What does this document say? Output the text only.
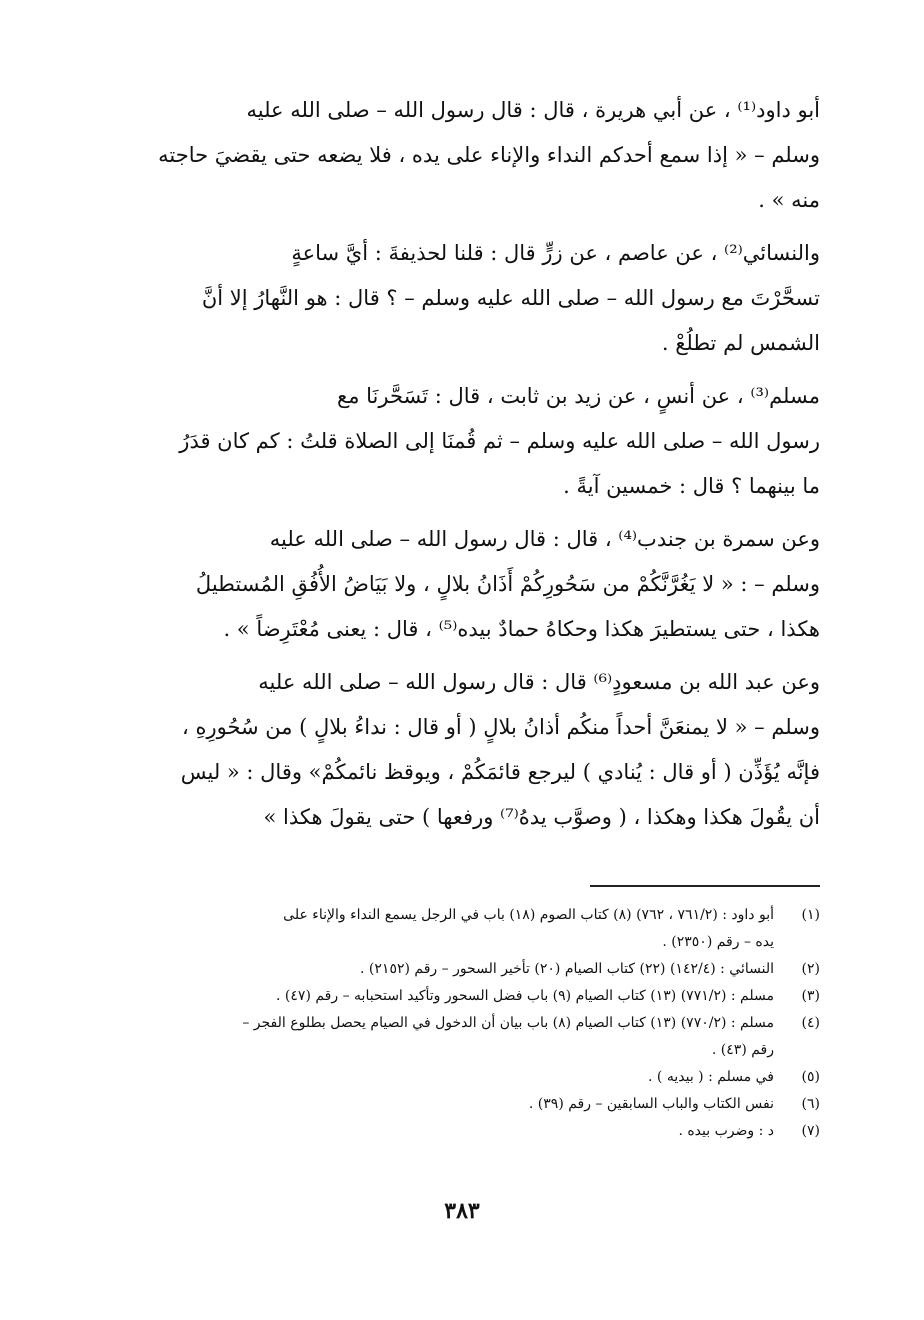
أبو داود⁽¹⁾ ، عن أبي هريرة ، قال : قال رسول الله – صلى الله عليه

وسلم – « إذا سمع أحدكم النداء والإناء على يده ، فلا يضعه حتى يقضيَ حاجته

منه » .

والنسائي⁽²⁾ ، عن عاصم ، عن زرٍّ قال : قلنا لحذيفةَ : أيَّ ساعةٍ

تسحَّرْتَ مع رسول الله – صلى الله عليه وسلم – ؟ قال : هو النَّهارُ إلا أنَّ

الشمس لم تطلُعْ .

مسلم⁽³⁾ ، عن أنسٍ ، عن زيد بن ثابت ، قال : تَسَحَّرنَا مع

رسول الله – صلى الله عليه وسلم – ثم قُمنَا إلى الصلاة قلتُ : كم كان قدَرُ

ما بينهما ؟ قال : خمسين آيةً .

وعن سمرة بن جندب⁽⁴⁾ ، قال : قال رسول الله – صلى الله عليه

وسلم – : « لا يَغُرَّنَّكُمْ من سَحُورِكُمْ أَذَانُ بلالٍ ، ولا بَيَاضُ الأُفُقِ المُستطيلُ

هكذا ، حتى يستطيرَ هكذا وحكاهُ حمادٌ بيده⁽⁵⁾ ، قال : يعنى مُعْتَرِضاً » .

وعن عبد الله بن مسعودٍ⁽⁶⁾ قال : قال رسول الله – صلى الله عليه

وسلم – « لا يمنعَنَّ أحداً منكُم أذانُ بلالٍ ( أو قال : نداءُ بلالٍ ) من سُحُورِهِ ،

فإنَّه يُؤَذِّن ( أو قال : يُنادي ) ليرجع قائمَكُمْ ، ويوقظ نائمكُمْ» وقال : « ليس

أن يقُولَ هكذا وهكذا ، ( وصوَّب يدهُ⁽⁷⁾ ورفعها ) حتى يقولَ هكذا »

(١)
أبو داود : (٧٦١/٢ ، ٧٦٢) (٨) كتاب الصوم (١٨) باب في الرجل يسمع النداء والإناء على
يده – رقم (٢٣٥٠) .
(٢)
النسائي : (١٤٢/٤) (٢٢) كتاب الصيام (٢٠) تأخير السحور – رقم (٢١٥٢) .
(٣)
مسلم : (٧٧١/٢) (١٣) كتاب الصيام (٩) باب فضل السحور وتأكيد استحبابه – رقم (٤٧) .
(٤)
مسلم : (٧٧٠/٢) (١٣) كتاب الصيام (٨) باب بيان أن الدخول في الصيام يحصل بطلوع الفجر –
رقم (٤٣) .
(٥)
في مسلم : ( بيديه ) .
(٦)
نفس الكتاب والباب السابقين – رقم (٣٩) .
(٧)
د : وضرب بيده .
٣٨٣
